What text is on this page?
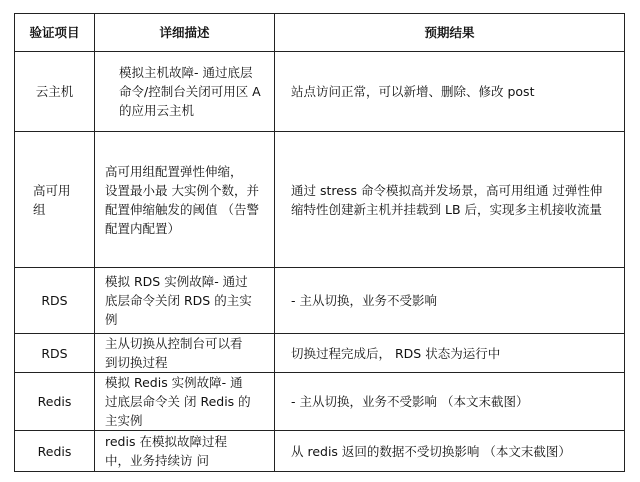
验证项目	详细描述	预期结果

云主机	模拟主机故障- 通过底层
命令/控制台关闭可用区 A
的应用云主机	站点访问正常，可以新增、删除、修改 post

高可用
组	高可用组配置弹性伸缩，
设置最小最 大实例个数，并
配置伸缩触发的阈值 （告警
配置内配置）	通过 stress 命令模拟高并发场景，高可用组通 过弹性伸
缩特性创建新主机并挂载到 LB 后，实现多主机接收流量

RDS	模拟 RDS 实例故障- 通过
底层命令关闭 RDS 的主实
例	- 主从切换，业务不受影响

RDS	主从切换从控制台可以看
到切换过程	切换过程完成后， RDS 状态为运行中

Redis	模拟 Redis 实例故障- 通
过底层命令关 闭 Redis 的
主实例	- 主从切换，业务不受影响 （本文末截图）

Redis	redis 在模拟故障过程
中，业务持续访 问	从 redis 返回的数据不受切换影响 （本文末截图）
